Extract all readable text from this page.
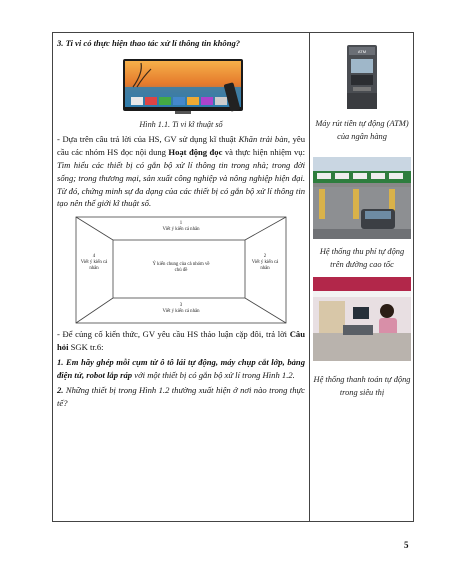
3. Ti vi có thực hiện thao tác xử lí thông tin không?

Hình 1.1. Ti vi kĩ thuật số

- Dựa trên câu trả lời của HS, GV sử dụng kĩ thuật Khăn trải bàn, yêu cầu các nhóm HS đọc nội dung Hoạt động đọc và thực hiện nhiệm vụ: Tìm hiểu các thiết bị có gắn bộ xử lí thông tin trong nhà; trong đời sống; trong thương mại, sản xuất công nghiệp và nông nghiệp hiện đại. Từ đó, chứng minh sự đa dạng của các thiết bị có gắn bộ xử lí thông tin tạo nên thế giới kĩ thuật số.

1
Viết ý kiến cá nhân
4
Viết ý kiến cá nhân
2
Viết ý kiến cá nhân
3
Viết ý kiến cá nhân
Ý kiến chung của cả nhóm về chủ đề

- Để củng cố kiến thức, GV yêu cầu HS thảo luận cặp đôi, trả lời Câu hỏi SGK tr.6:

1. Em hãy ghép mỗi cụm từ ô tô lái tự động, máy chụp cắt lớp, bảng điện tử, robot lắp ráp với một thiết bị có gắn bộ xử lí trong Hình 1.2.

2. Những thiết bị trong Hình 1.2 thường xuất hiện ở nơi nào trong thực tế?

ATM
Máy rút tiền tự động (ATM) của ngân hàng
Hệ thống thu phí tự động trên đường cao tốc
Hệ thống thanh toán tự động trong siêu thị
5
